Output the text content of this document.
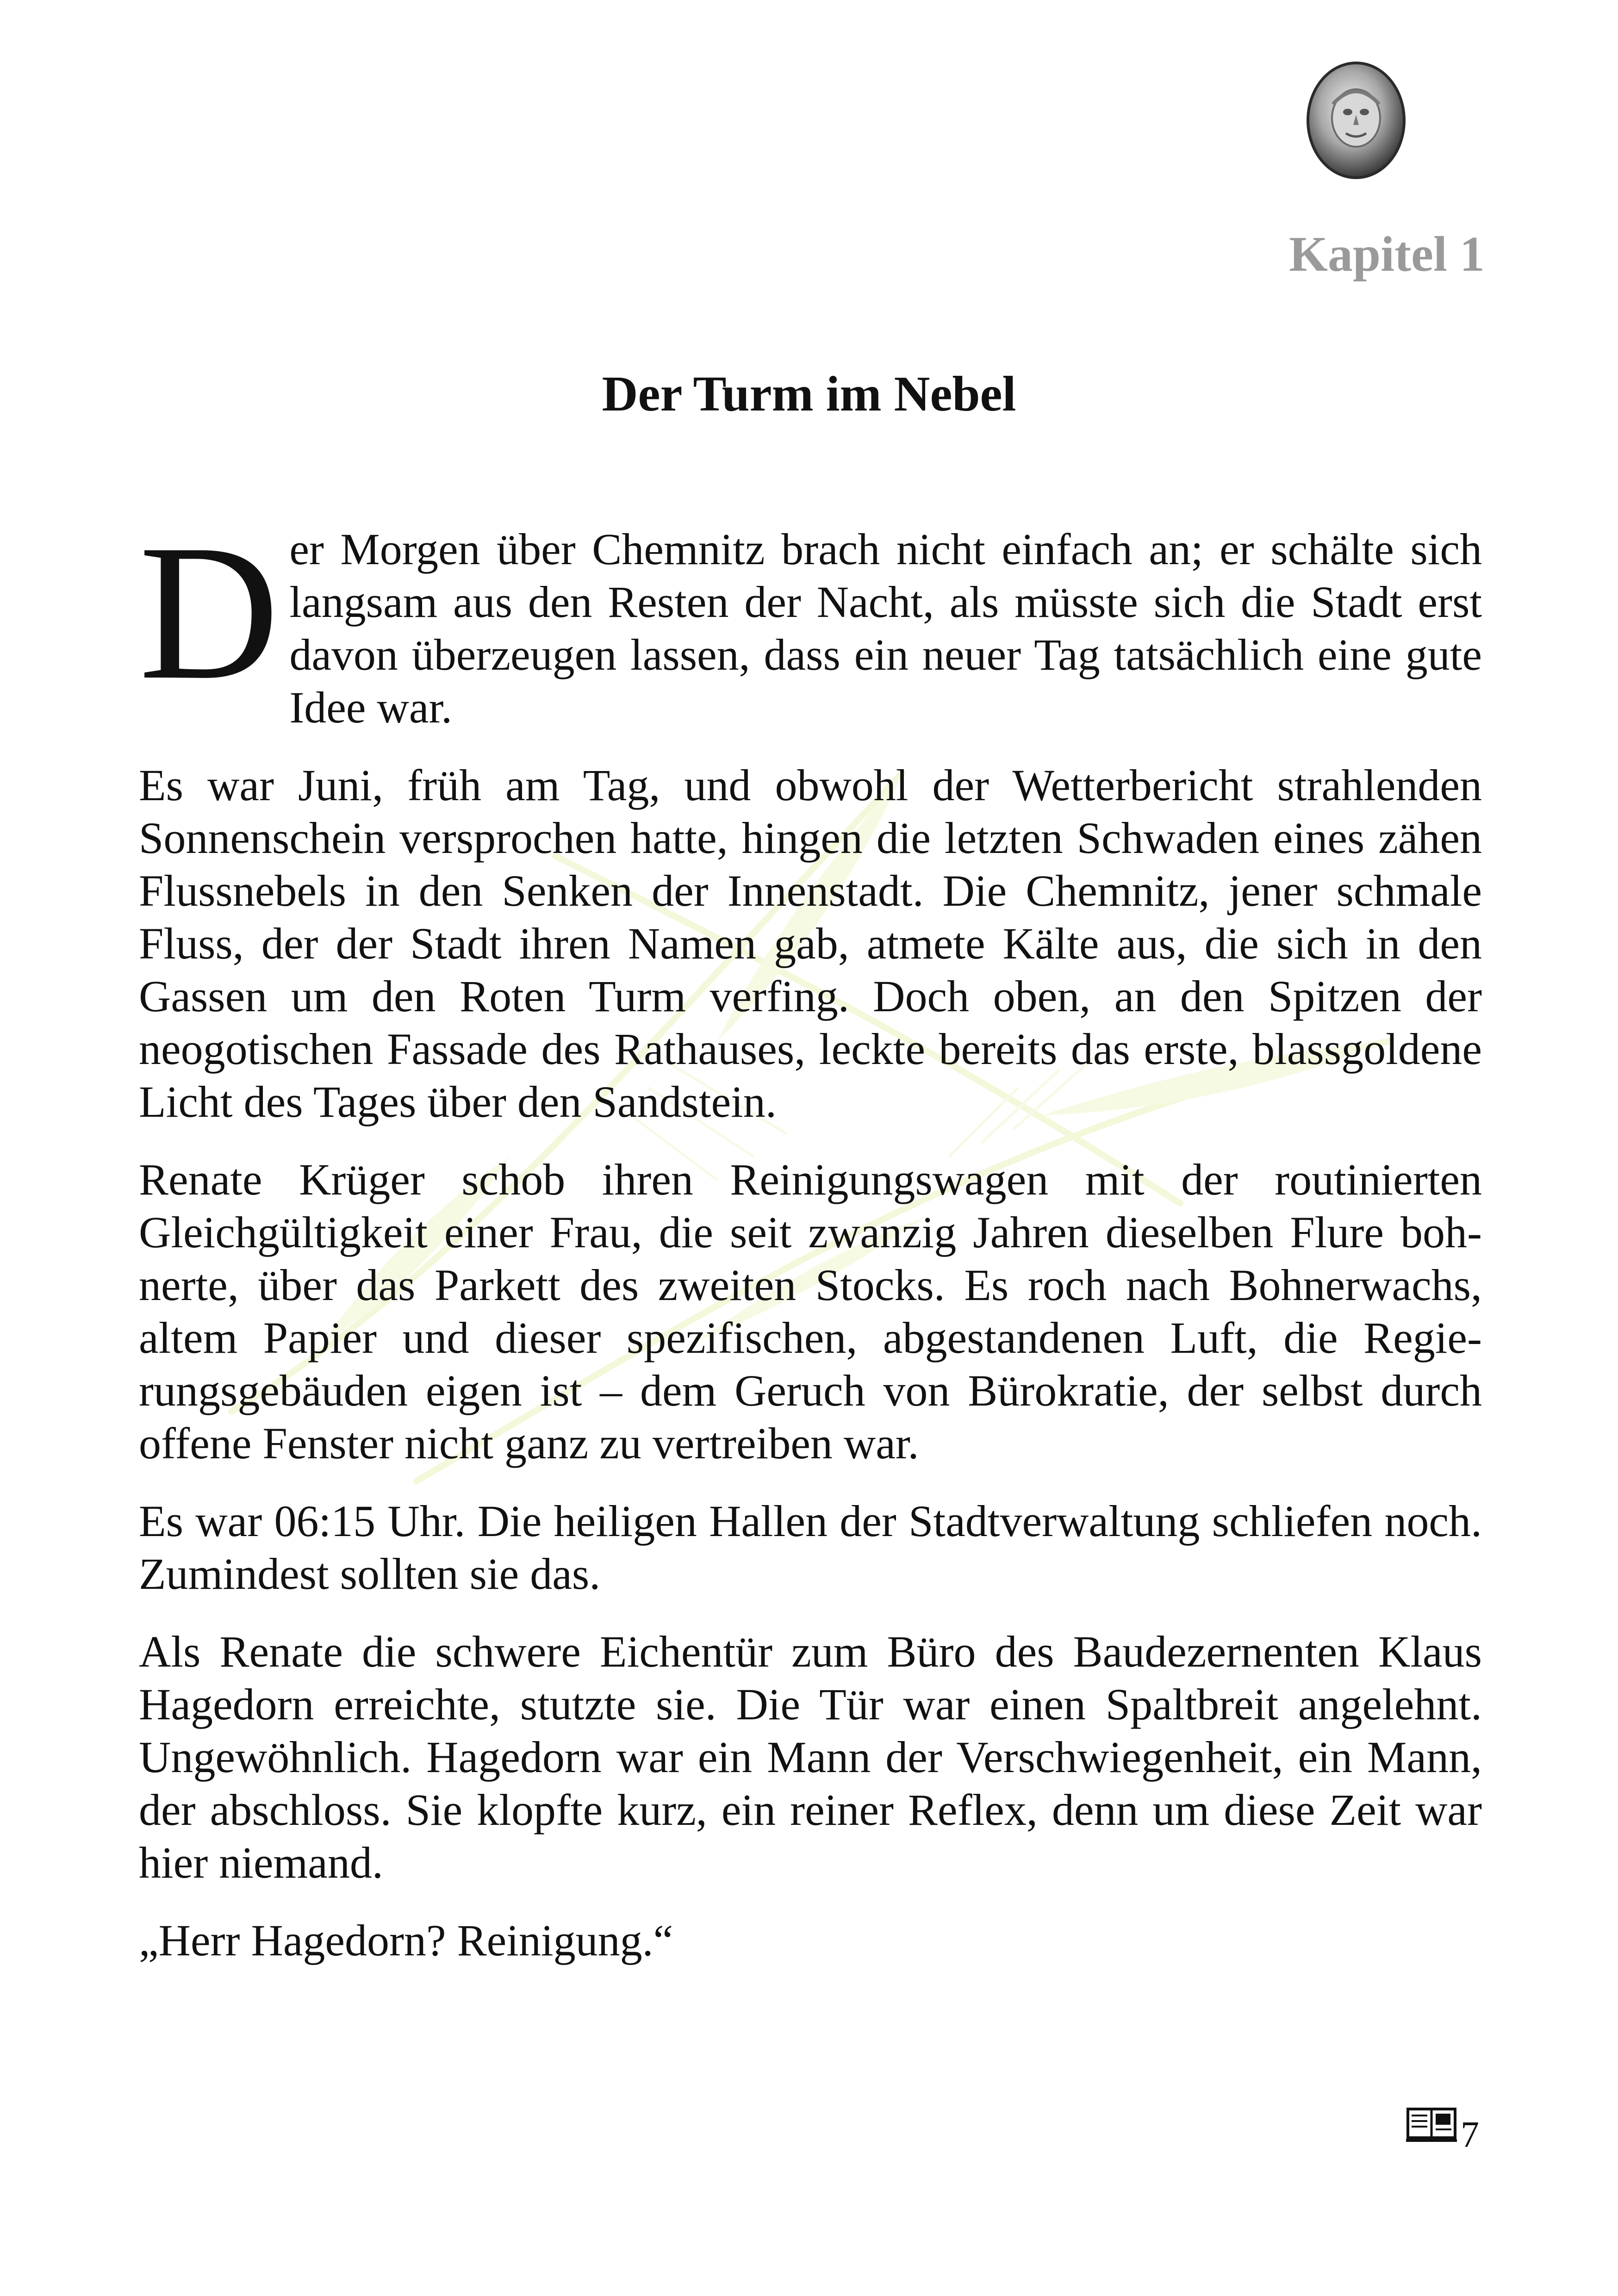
Kapitel 1
Der Turm im Nebel

Der Morgen über Chemnitz brach nicht einfach an; er schälte sich langsam aus den Resten der Nacht, als müsste sich die Stadt erst davon überzeugen lassen, dass ein neuer Tag tatsächlich eine gute Idee war.

Es war Juni, früh am Tag, und obwohl der Wetterbericht strahlenden Sonnenschein versprochen hatte, hingen die letzten Schwaden eines zähen Flussnebels in den Senken der Innenstadt. Die Chemnitz, jener schmale Fluss, der der Stadt ihren Namen gab, atmete Kälte aus, die sich in den Gassen um den Roten Turm verfing. Doch oben, an den Spitzen der neogotischen Fassade des Rathauses, leckte bereits das erste, blassgoldene Licht des Tages über den Sandstein.

Renate Krüger schob ihren Reinigungswagen mit der routinierten Gleichgültigkeit einer Frau, die seit zwanzig Jahren dieselben Flure bohnerte, über das Parkett des zweiten Stocks. Es roch nach Bohnerwachs, altem Papier und dieser spezifischen, abgestandenen Luft, die Regierungsgebäuden eigen ist – dem Geruch von Bürokratie, der selbst durch offene Fenster nicht ganz zu vertreiben war.

Es war 06:15 Uhr. Die heiligen Hallen der Stadtverwaltung schliefen noch. Zumindest sollten sie das.

Als Renate die schwere Eichentür zum Büro des Baudezernenten Klaus Hagedorn erreichte, stutzte sie. Die Tür war einen Spaltbreit angelehnt. Ungewöhnlich. Hagedorn war ein Mann der Verschwiegenheit, ein Mann, der abschloss. Sie klopfte kurz, ein reiner Reflex, denn um diese Zeit war hier niemand.

„Herr Hagedorn? Reinigung.“

7
